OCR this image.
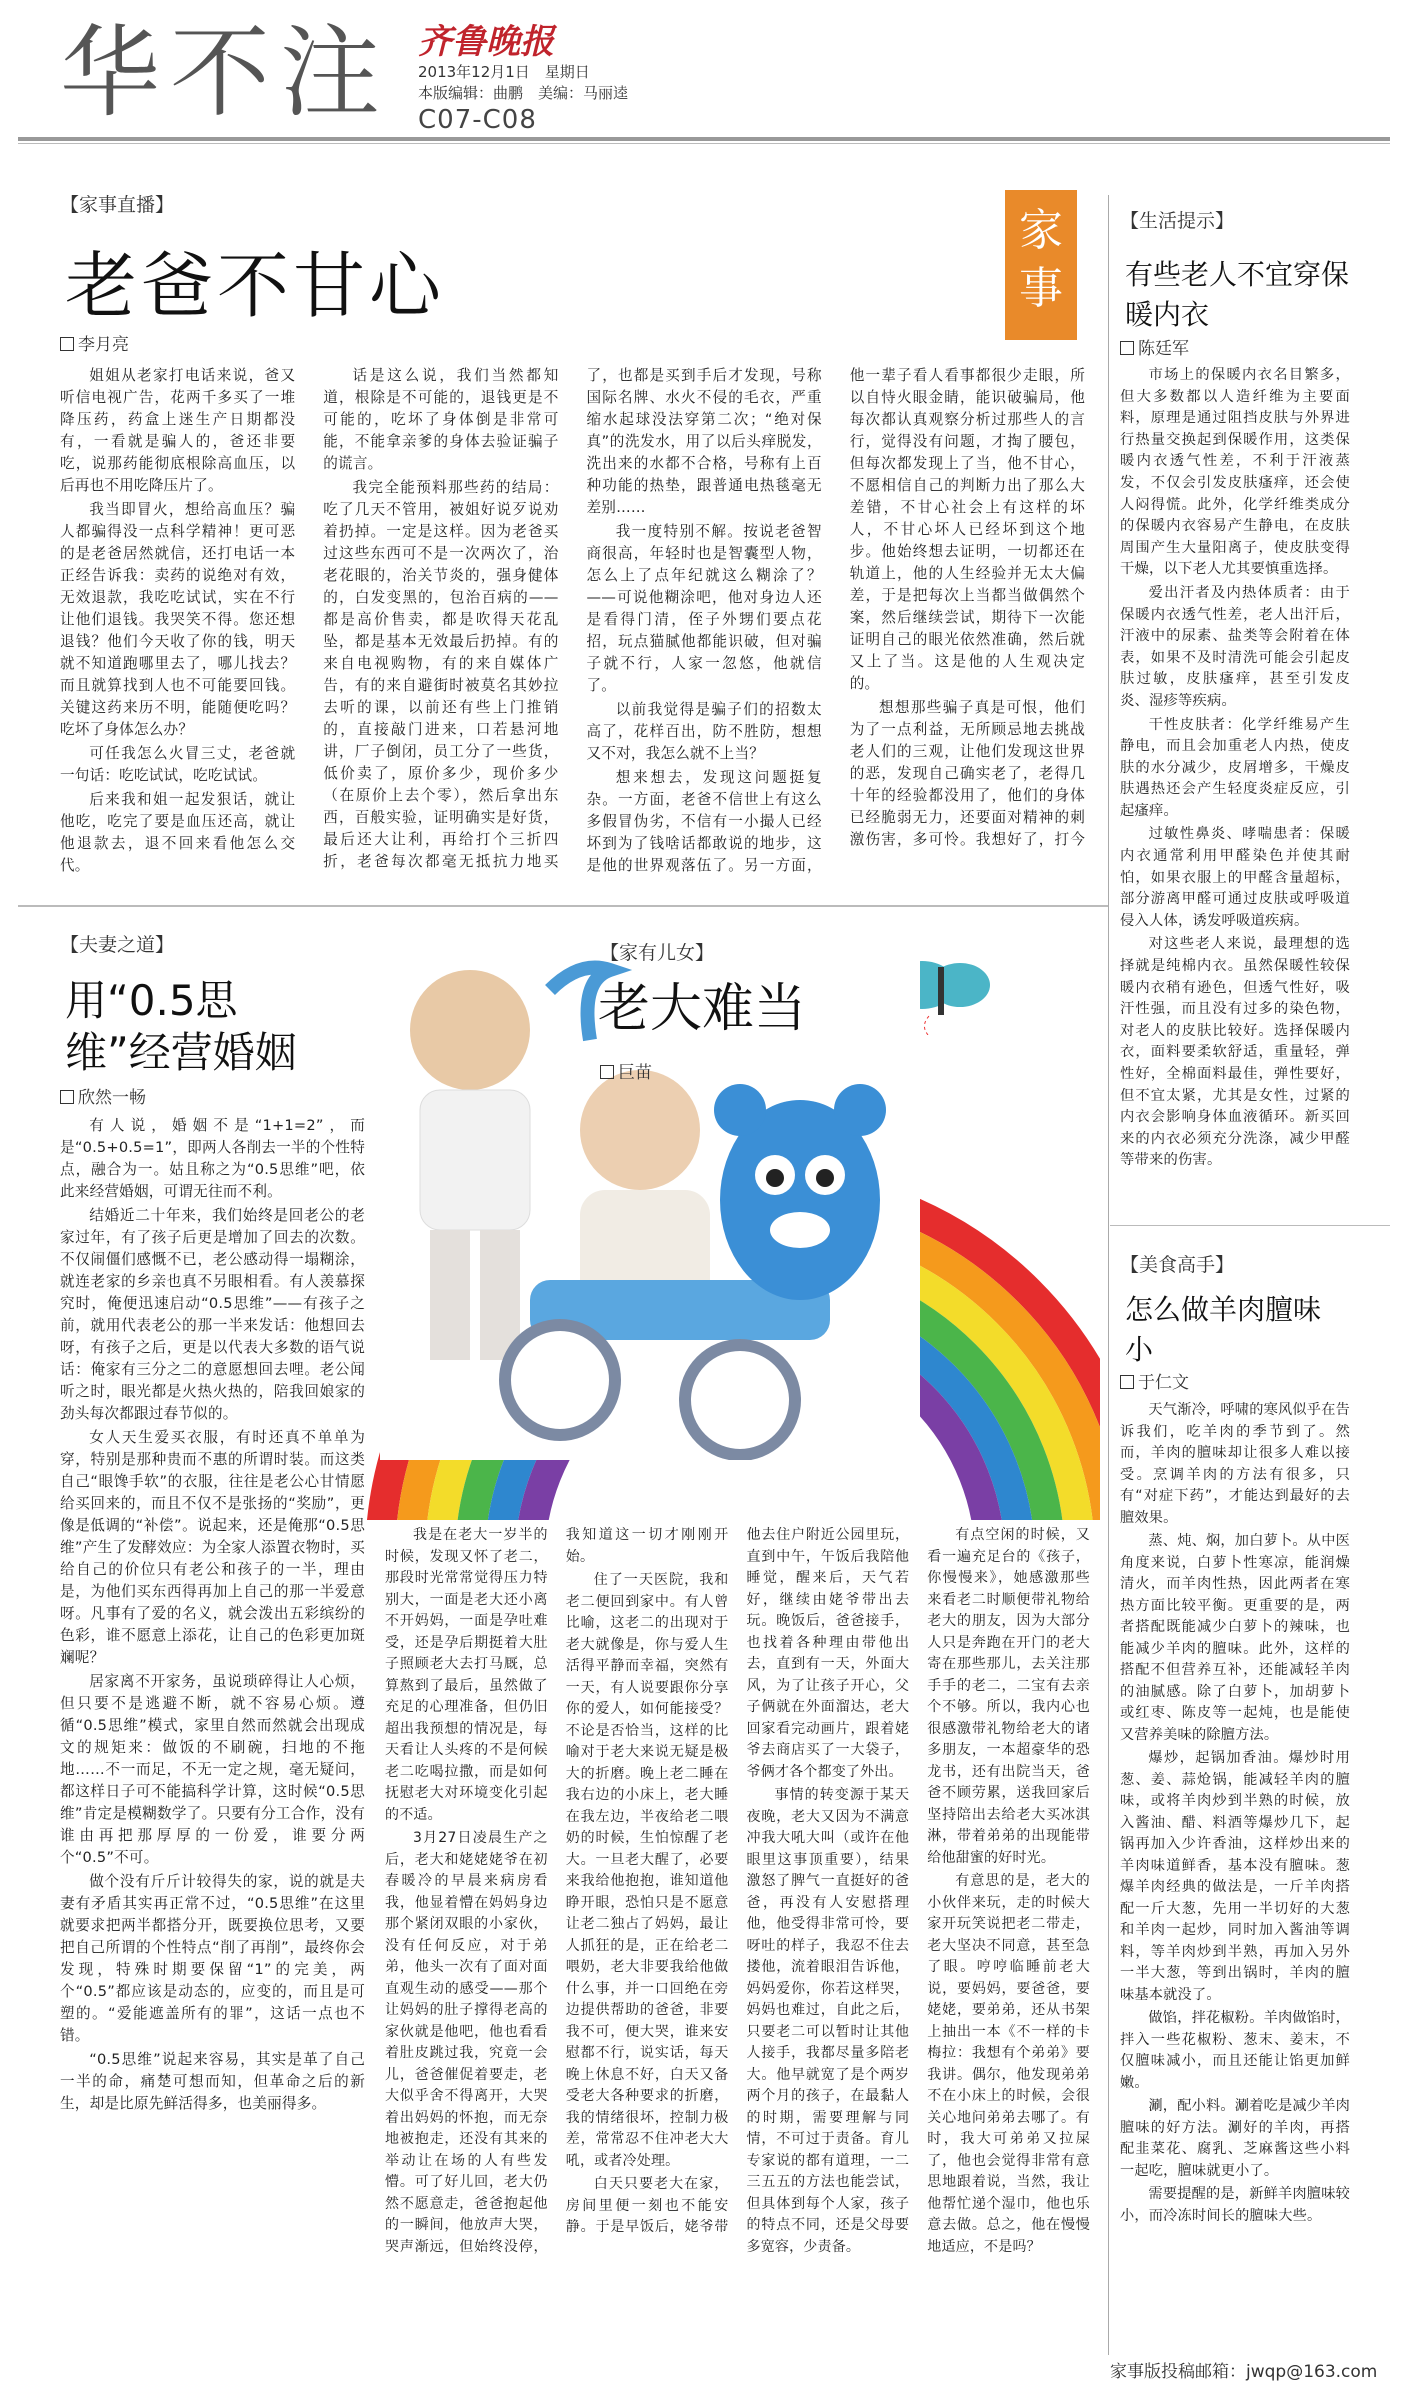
华不注 齐鲁晚报
2013年12月1日　星期日
本版编辑：曲鹏　美编：马丽逵
C07-C08
家事
【家事直播】
老爸不甘心
李月亮

姐姐从老家打电话来说，爸又听信电视广告，花两千多买了一堆降压药，药盒上迷生产日期都没有，一看就是骗人的，爸还非要吃，说那药能彻底根除高血压，以后再也不用吃降压片了。

我当即冒火，想给高血压？骗人都骗得没一点科学精神！更可恶的是老爸居然就信，还打电话一本正经告诉我：卖药的说绝对有效，无效退款，我吃吃试试，实在不行让他们退钱。我哭笑不得。您还想退钱？他们今天收了你的钱，明天就不知道跑哪里去了，哪儿找去？而且就算找到人也不可能要回钱。关键这药来历不明，能随便吃吗？吃坏了身体怎么办？

可任我怎么火冒三丈，老爸就一句话：吃吃试试，吃吃试试。

后来我和姐一起发狠话，就让他吃，吃完了要是血压还高，就让他退款去，退不回来看他怎么交代。

话是这么说，我们当然都知道，根除是不可能的，退钱更是不可能的，吃坏了身体倒是非常可能，不能拿亲爹的身体去验证骗子的谎言。

我完全能预料那些药的结局：吃了几天不管用，被姐好说歹说劝着扔掉。一定是这样。因为老爸买过这些东西可不是一次两次了，治老花眼的，治关节炎的，强身健体的，白发变黑的，包治百病的——都是高价售卖，都是吹得天花乱坠，都是基本无效最后扔掉。有的来自电视购物，有的来自媒体广告，有的来自避街时被莫名其妙拉去听的课，以前还有些上门推销的，直接敲门进来，口若悬河地讲，厂子倒闭，员工分了一些货，低价卖了，原价多少，现价多少（在原价上去个零），然后拿出东西，百般实验，证明确实是好货，最后还大让利，再给打个三折四折，老爸每次都毫无抵抗力地买了，也都是买到手后才发现，号称国际名牌、水火不侵的毛衣，严重缩水起球没法穿第二次；“绝对保真”的洗发水，用了以后头痒脱发，洗出来的水都不合格，号称有上百种功能的热垫，跟普通电热毯毫无差别……

我一度特别不解。按说老爸智商很高，年轻时也是智囊型人物，怎么上了点年纪就这么糊涂了？——可说他糊涂吧，他对身边人还是看得门清，侄子外甥们要点花招，玩点猫腻他都能识破，但对骗子就不行，人家一忽悠，他就信了。

以前我觉得是骗子们的招数太高了，花样百出，防不胜防，想想又不对，我怎么就不上当？

想来想去，发现这问题挺复杂。一方面，老爸不信世上有这么多假冒伪劣，不信有一小撮人已经坏到为了钱啥话都敢说的地步，这是他的世界观落伍了。另一方面，他一辈子看人看事都很少走眼，所以自恃火眼金睛，能识破骗局，他每次都认真观察分析过那些人的言行，觉得没有问题，才掏了腰包，但每次都发现上了当，他不甘心，不愿相信自己的判断力出了那么大差错，不甘心社会上有这样的坏人，不甘心坏人已经坏到这个地步。他始终想去证明，一切都还在轨道上，他的人生经验并无太大偏差，于是把每次上当都当做偶然个案，然后继续尝试，期待下一次能证明自己的眼光依然准确，然后就又上了当。这是他的人生观决定的。

想想那些骗子真是可恨，他们为了一点利益，无所顾忌地去挑战老人们的三观，让他们发现这世界的恶，发现自己确实老了，老得几十年的经验都没用了，他们的身体已经脆弱无力，还要面对精神的刺激伤害，多可怜。我想好了，打今

【夫妻之道】
用“0.5思维”经营婚姻
欣然一畅

有人说，婚姻不是“1+1=2”，而是“0.5+0.5=1”，即两人各削去一半的个性特点，融合为一。姑且称之为“0.5思维”吧，依此来经营婚姻，可谓无往而不利。

结婚近二十年来，我们始终是回老公的老家过年，有了孩子后更是增加了回去的次数。不仅闹僵们感慨不已，老公感动得一塌糊涂，就连老家的乡亲也真不另眼相看。有人羡慕探究时，俺便迅速启动“0.5思维”——有孩子之前，就用代表老公的那一半来发话：他想回去呀，有孩子之后，更是以代表大多数的语气说话：俺家有三分之二的意愿想回去哩。老公闻听之时，眼光都是火热火热的，陪我回娘家的劲头每次都跟过春节似的。

女人天生爱买衣服，有时还真不单单为穿，特别是那种贵而不惠的所谓时装。而这类自己“眼馋手软”的衣服，往往是老公心甘情愿给买回来的，而且不仅不是张扬的“奖励”，更像是低调的“补偿”。说起来，还是俺那“0.5思维”产生了发酵效应：为全家人添置衣物时，买给自己的价位只有老公和孩子的一半，理由是，为他们买东西得再加上自己的那一半爱意呀。凡事有了爱的名义，就会泼出五彩缤纷的色彩，谁不愿意上添花，让自己的色彩更加斑斓呢？

居家离不开家务，虽说琐碎得让人心烦，但只要不是逃避不断，就不容易心烦。遵循“0.5思维”模式，家里自然而然就会出现成文的规矩来：做饭的不刷碗，扫地的不拖地……不一而足，不无一定之规，毫无疑问，都这样日子可不能搞科学计算，这时候“0.5思维”肯定是模糊数学了。只要有分工合作，没有谁由再把那厚厚的一份爱，谁要分两个“0.5”不可。

做个没有斤斤计较得失的家，说的就是夫妻有矛盾其实再正常不过，“0.5思维”在这里就要求把两半都搭分开，既要换位思考，又要把自己所谓的个性特点“削了再削”，最终你会发现，特殊时期要保留“1”的完美，两个“0.5”都应该是动态的，应变的，而且是可塑的。“爱能遮盖所有的罪”，这话一点也不错。

“0.5思维”说起来容易，其实是革了自己一半的命，痛楚可想而知，但革命之后的新生，却是比原先鲜活得多，也美丽得多。

【家有儿女】
老大难当
巨苗

我是在老大一岁半的时候，发现又怀了老二，那段时光常常觉得压力特别大，一面是老大还小离不开妈妈，一面是孕吐难受，还是孕后期挺着大肚子照顾老大去打马厩，总算熬到了最后，虽然做了充足的心理准备，但仍旧超出我预想的情况是，每天看让人头疼的不是何候老二吃喝拉撒，而是如何抚慰老大对环境变化引起的不适。

3月27日凌晨生产之后，老大和姥姥姥爷在初春暖冷的早晨来病房看我，他显着懵在妈妈身边那个紧闭双眼的小家伙，没有任何反应，对于弟弟，他头一次有了面对面直观生动的感受——那个让妈妈的肚子撑得老高的家伙就是他吧，他也看看着肚皮跳过我，究竟一会儿，爸爸催促着要走，老大似乎舍不得离开，大哭着出妈妈的怀抱，而无奈地被抱走，还没有其来的举动让在场的人有些发懵。可了好儿回，老大仍然不愿意走，爸爸抱起他的一瞬间，他放声大哭，哭声渐远，但始终没停，我知道这一切才刚刚开始。

住了一天医院，我和老二便回到家中。有人曾比喻，这老二的出现对于老大就像是，你与爱人生活得平静而幸福，突然有一天，有人说要跟你分享你的爱人，如何能接受？不论是否恰当，这样的比喻对于老大来说无疑是极大的折磨。晚上老二睡在我右边的小床上，老大睡在我左边，半夜给老二喂奶的时候，生怕惊醒了老大。一旦老大醒了，必要来我给他抱抱，谁知道他睁开眼，恐怕只是不愿意让老二独占了妈妈，最让人抓狂的是，正在给老二喂奶，老大非要我给他做什么事，并一口回绝在旁边提供帮助的爸爸，非要我不可，便大哭，谁来安慰都不行，说实话，每天晚上休息不好，白天又备受老大各种要求的折磨，我的情绪很坏，控制力极差，常常忍不住冲老大大吼，或者冷处理。

白天只要老大在家，房间里便一刻也不能安静。于是早饭后，姥爷带他去住户附近公园里玩，直到中午，午饭后我陪他睡觉，醒来后，天气若好，继续由姥爷带出去玩。晚饭后，爸爸接手，也找着各种理由带他出去，直到有一天，外面大风，为了让孩子开心，父子俩就在外面溜达，老大回家看完动画片，跟着姥爷去商店买了一大袋子，爷俩才各个都变了外出。

事情的转变源于某天夜晚，老大又因为不满意冲我大吼大叫（或许在他眼里这事顶重要），结果激怒了脾气一直挺好的爸爸，再没有人安慰搭理他，他受得非常可怜，要呀吐的样子，我忍不住去搂他，流着眼泪告诉他，妈妈爱你，你若这样哭，妈妈也难过，自此之后，只要老二可以暂时让其他人接手，我都尽量多陪老大。他早就宽了是个两岁两个月的孩子，在最黏人的时期，需要理解与同情，不可过于责备。育儿专家说的都有道理，一二三五五的方法也能尝试，但具体到每个人家，孩子的特点不同，还是父母要多宽容，少责备。

有点空闲的时候，又看一遍充足台的《孩子，你慢慢来》，她感激那些来看老二时顺便带礼物给老大的朋友，因为大部分人只是奔跑在开门的老大寄在那些那儿，去关注那手手的老二，二宝有去亲个不够。所以，我内心也很感激带礼物给老大的诸多朋友，一本超豪华的恐龙书，还有出院当天，爸爸不顾劳累，送我回家后坚持陪出去给老大买冰淇淋，带着弟弟的出现能带给他甜蜜的好时光。

有意思的是，老大的小伙伴来玩，走的时候大家开玩笑说把老二带走，老大坚决不同意，甚至急了眼。哼哼临睡前老大说，要妈妈，要爸爸，要姥姥，要弟弟，还从书架上抽出一本《不一样的卡梅拉：我想有个弟弟》要我讲。偶尔，他发现弟弟不在小床上的时候，会很关心地问弟弟去哪了。有时，我大可弟弟又拉屎了，他也会觉得非常有意思地跟着说，当然，我让他帮忙递个湿巾，他也乐意去做。总之，他在慢慢地适应，不是吗？

【生活提示】
有些老人不宜穿保暖内衣
陈廷军

市场上的保暖内衣名目繁多，但大多数都以人造纤维为主要面料，原理是通过阻挡皮肤与外界进行热量交换起到保暖作用，这类保暖内衣透气性差，不利于汗液蒸发，不仅会引发皮肤瘙痒，还会使人闷得慌。此外，化学纤维类成分的保暖内衣容易产生静电，在皮肤周围产生大量阳离子，使皮肤变得干燥，以下老人尤其要慎重选择。

爱出汗者及内热体质者：由于保暖内衣透气性差，老人出汗后，汗液中的尿素、盐类等会附着在体表，如果不及时清洗可能会引起皮肤过敏，皮肤瘙痒，甚至引发皮炎、湿疹等疾病。

干性皮肤者：化学纤维易产生静电，而且会加重老人内热，使皮肤的水分减少，皮屑增多，干燥皮肤遇热还会产生轻度炎症反应，引起瘙痒。

过敏性鼻炎、哮喘患者：保暖内衣通常利用甲醛染色并使其耐怕，如果衣服上的甲醛含量超标，部分游离甲醛可通过皮肤或呼吸道侵入人体，诱发呼吸道疾病。

对这些老人来说，最理想的选择就是纯棉内衣。虽然保暖性较保暖内衣稍有逊色，但透气性好，吸汗性强，而且没有过多的染色物，对老人的皮肤比较好。选择保暖内衣，面料要柔软舒适，重量轻，弹性好，全棉面料最佳，弹性要好，但不宜太紧，尤其是女性，过紧的内衣会影响身体血液循环。新买回来的内衣必须充分洗涤，减少甲醛等带来的伤害。

【美食高手】
怎么做羊肉膻味小
于仁文

天气渐冷，呼啸的寒风似乎在告诉我们，吃羊肉的季节到了。然而，羊肉的膻味却让很多人难以接受。烹调羊肉的方法有很多，只有“对症下药”，才能达到最好的去膻效果。

蒸、炖、焖，加白萝卜。从中医角度来说，白萝卜性寒凉，能润燥清火，而羊肉性热，因此两者在寒热方面比较平衡。更重要的是，两者搭配既能减少白萝卜的辣味，也能减少羊肉的膻味。此外，这样的搭配不但营养互补，还能减轻羊肉的油腻感。除了白萝卜，加胡萝卜或红枣、陈皮等一起炖，也是能使又营养美味的除膻方法。

爆炒，起锅加香油。爆炒时用葱、姜、蒜炝锅，能减轻羊肉的膻味，或将羊肉炒到半熟的时候，放入酱油、醋、料酒等爆炒几下，起锅再加入少许香油，这样炒出来的羊肉味道鲜香，基本没有膻味。葱爆羊肉经典的做法是，一斤羊肉搭配一斤大葱，先用一半切好的大葱和羊肉一起炒，同时加入酱油等调料，等羊肉炒到半熟，再加入另外一半大葱，等到出锅时，羊肉的膻味基本就没了。

做馅，拌花椒粉。羊肉做馅时，拌入一些花椒粉、葱末、姜末，不仅膻味减小，而且还能让馅更加鲜嫩。

涮，配小料。涮着吃是减少羊肉膻味的好方法。涮好的羊肉，再搭配韭菜花、腐乳、芝麻酱这些小料一起吃，膻味就更小了。

需要提醒的是，新鲜羊肉膻味较小，而冷冻时间长的膻味大些。

家事版投稿邮箱：jwqp@163.com
